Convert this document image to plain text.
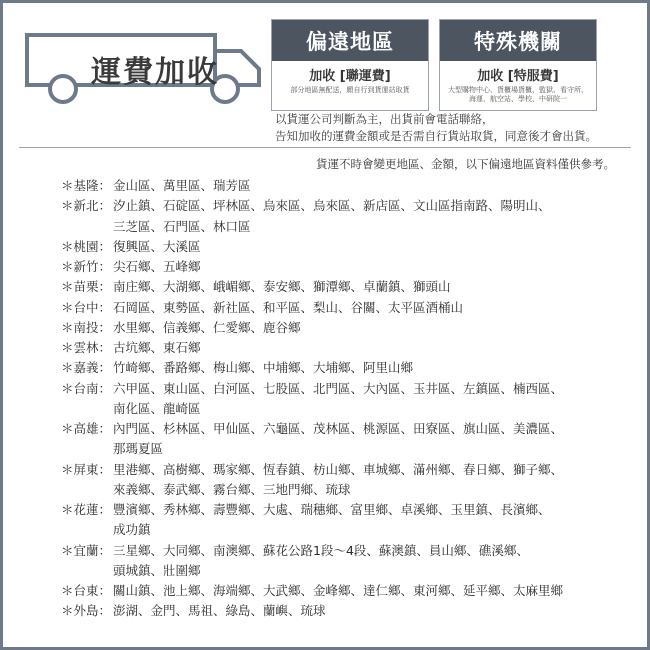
運費加收
偏遠地區
加收 [聯運費]
部分地區無配送，願自行到貨運站取貨
特殊機關
加收 [特服費]
大型購物中心、貨櫃場貨櫃、監獄、看守所、海運、航空站、學校、中研院一
以貨運公司判斷為主，出貨前會電話聯絡，
告知加收的運費金額或是否需自行貨站取貨，同意後才會出貨。
貨運不時會變更地區、金額，以下偏遠地區資料僅供參考。
＊基隆： 金山區、萬里區、瑞芳區
＊新北： 汐止鎮、石碇區、坪林區、烏來區、烏來區、新店區、文山區指南路、陽明山、
三芝區、石門區、林口區
＊桃園： 復興區、大溪區
＊新竹： 尖石鄉、五峰鄉
＊苗栗： 南庄鄉、大湖鄉、峨嵋鄉、泰安鄉、獅潭鄉、卓蘭鎮、獅頭山
＊台中： 石岡區、東勢區、新社區、和平區、梨山、谷關、太平區酒桶山
＊南投： 水里鄉、信義鄉、仁愛鄉、鹿谷鄉
＊雲林： 古坑鄉、東石鄉
＊嘉義： 竹崎鄉、番路鄉、梅山鄉、中埔鄉、大埔鄉、阿里山鄉
＊台南： 六甲區、東山區、白河區、七股區、北門區、大內區、玉井區、左鎮區、楠西區、
南化區、龍崎區
＊高雄： 內門區、杉林區、甲仙區、六龜區、茂林區、桃源區、田寮區、旗山區、美濃區、
那瑪夏區
＊屏東： 里港鄉、高樹鄉、瑪家鄉、恆春鎮、枋山鄉、車城鄉、滿州鄉、春日鄉、獅子鄉、
來義鄉、泰武鄉、霧台鄉、三地門鄉、琉球
＊花蓮： 豐濱鄉、秀林鄉、壽豐鄉、大處、瑞穗鄉、富里鄉、卓溪鄉、玉里鎮、長濱鄉、
成功鎮
＊宜蘭： 三星鄉、大同鄉、南澳鄉、蘇花公路1段～4段、蘇澳鎮、員山鄉、礁溪鄉、
頭城鎮、壯圍鄉
＊台東： 關山鎮、池上鄉、海端鄉、大武鄉、金峰鄉、達仁鄉、東河鄉、延平鄉、太麻里鄉
＊外島： 澎湖、金門、馬祖、綠島、蘭嶼、琉球
